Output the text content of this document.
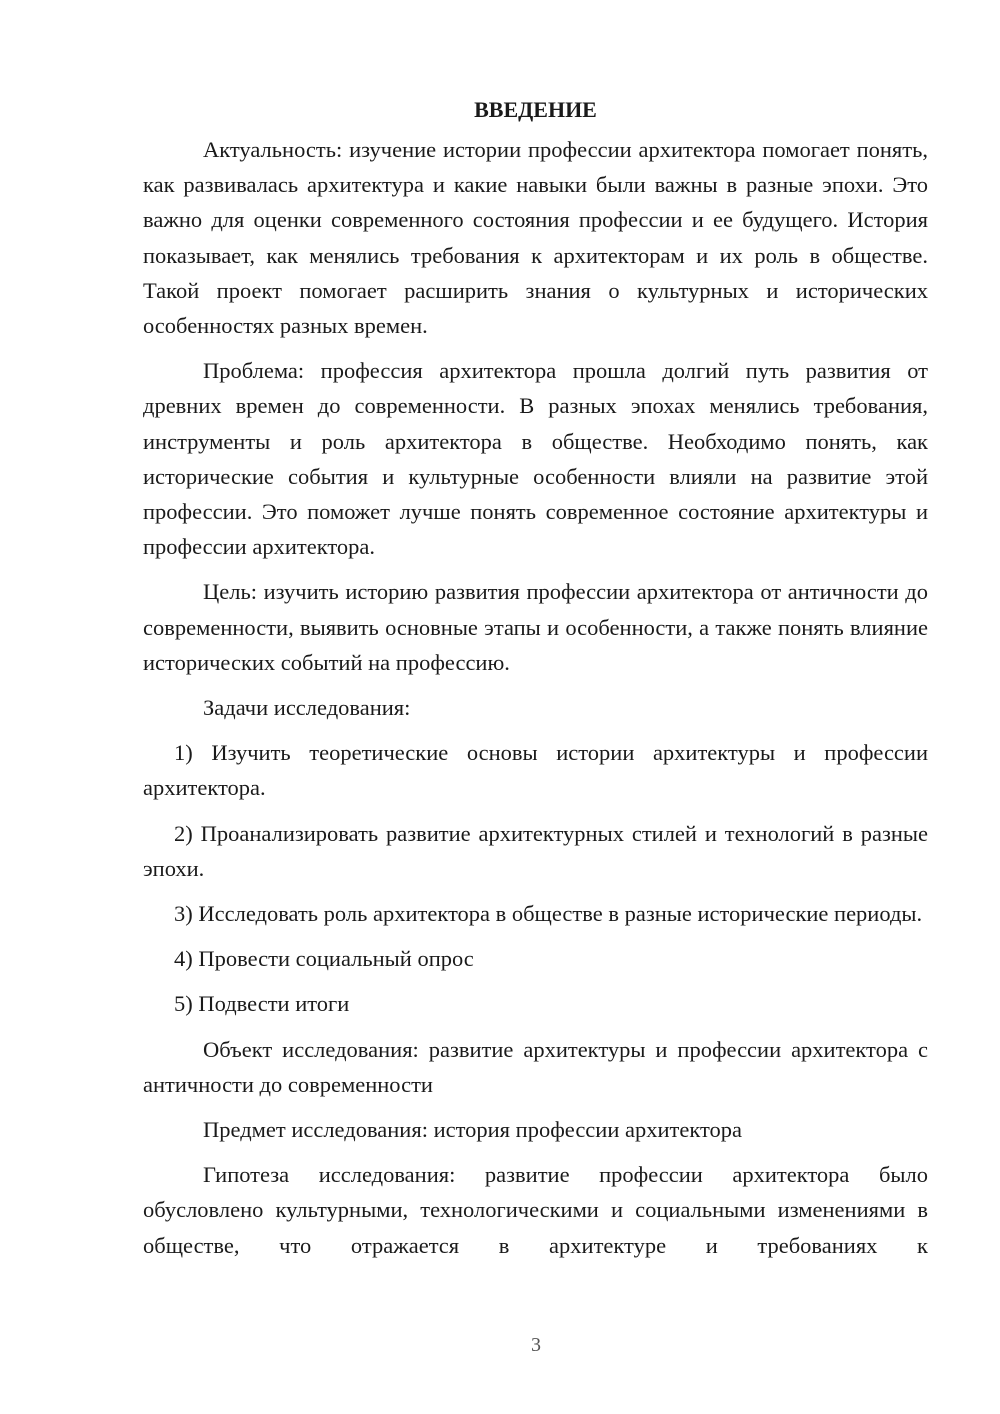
ВВЕДЕНИЕ

Актуальность: изучение истории профессии архитектора помогает понять, как развивалась архитектура и какие навыки были важны в разные эпохи. Это важно для оценки современного состояния профессии и ее будущего. История показывает, как менялись требования к архитекторам и их роль в обществе. Такой проект помогает расширить знания о культурных и исторических особенностях разных времен.

Проблема: профессия архитектора прошла долгий путь развития от древних времен до современности. В разных эпохах менялись требования, инструменты и роль архитектора в обществе. Необходимо понять, как исторические события и культурные особенности влияли на развитие этой профессии. Это поможет лучше понять современное состояние архитектуры и профессии архитектора.

Цель: изучить историю развития профессии архитектора от античности до современности, выявить основные этапы и особенности, а также понять влияние исторических событий на профессию.

Задачи исследования:

1) Изучить теоретические основы истории архитектуры и профессии архитектора.

2) Проанализировать развитие архитектурных стилей и технологий в разные эпохи.

3) Исследовать роль архитектора в обществе в разные исторические периоды.

4) Провести социальный опрос

5) Подвести итоги

Объект исследования: развитие архитектуры и профессии архитектора с античности до современности

Предмет исследования: история профессии архитектора

Гипотеза исследования: развитие профессии архитектора было обусловлено культурными, технологическими и социальными изменениями в обществе, что отражается в архитектуре и требованиях к

3
